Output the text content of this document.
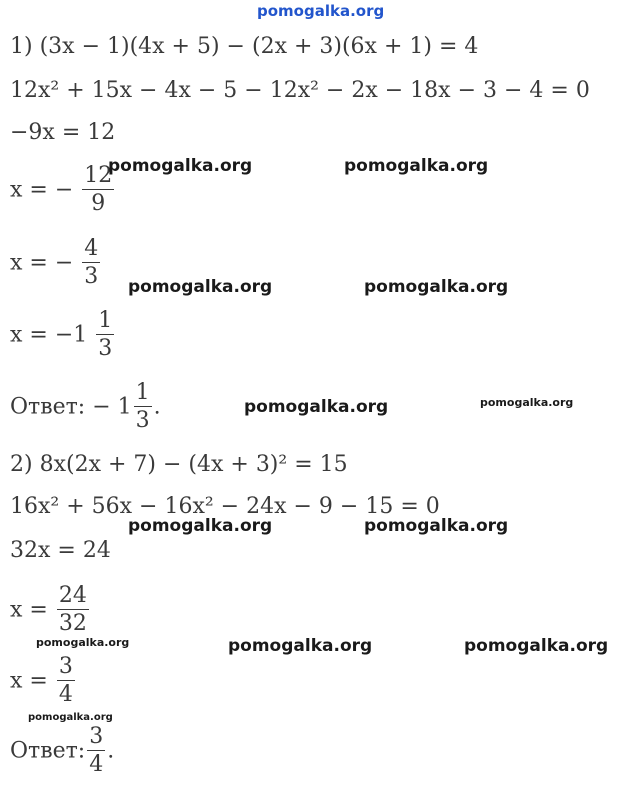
pomogalka.org
1) (3x − 1)(4x + 5) − (2x + 3)(6x + 1) = 4
12x² + 15x − 4x − 5 − 12x² − 2x − 18x − 3 − 4 = 0
−9x = 12
x = − $\frac{12}{9}$
x = − $\frac{4}{3}$
$x = -1 \frac{1}{3}$
Ответ: − $1 \frac{1}{3}$ .
2) 8x(2x + 7) − (4x + 3)² = 15
16x² + 56x − 16x² − 24x − 9 − 15 = 0
32x = 24
$x = \frac{24}{32}$
$x = \frac{3}{4}$
Ответ: $\frac{3}{4}$ .
pomogalka.org	pomogalka.org
pomogalka.org	pomogalka.org
pomogalka.org	pomogalka.org
pomogalka.org	pomogalka.org
pomogalka.org	pomogalka.org	pomogalka.org
pomogalka.org
